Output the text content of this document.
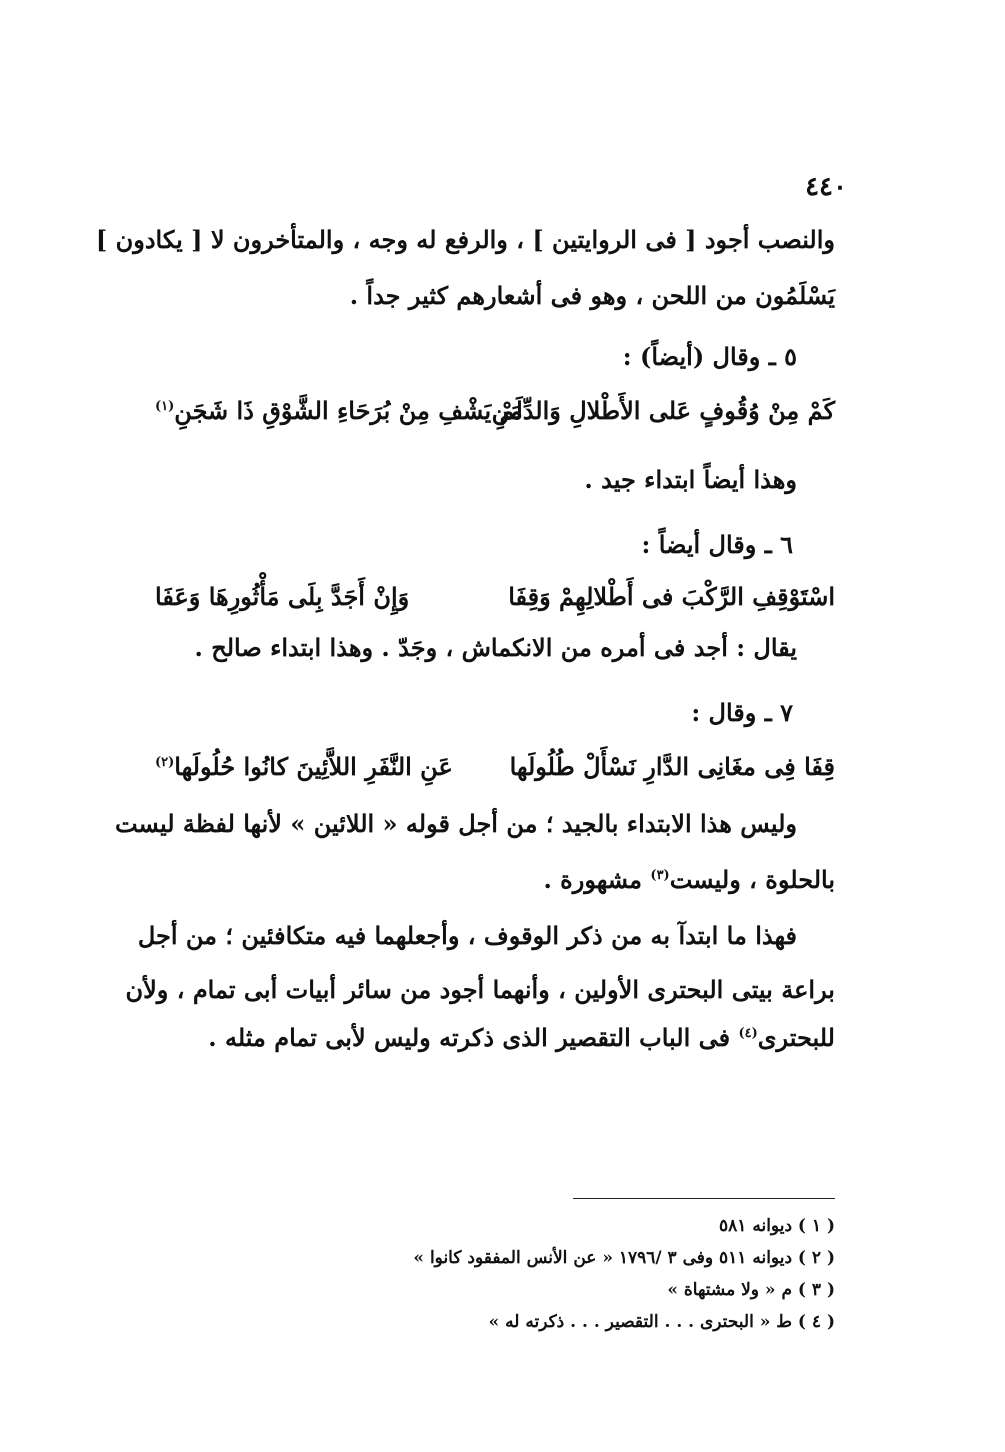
٤٤٠
والنصب أجود [ فى الروايتين ] ، والرفع له وجه ، والمتأخرون لا [ يكادون ]
يَسْلَمُون من اللحن ، وهو فى أشعارهم كثير جداً .
٥ ـ وقال (أيضاً) :
كَمْ مِنْ وُقُوفٍ عَلى الأَطْلالِ وَالدِّمَنِ
لَمْ يَشْفِ مِنْ بُرَحَاءِ الشَّوْقِ ذَا شَجَنِ$^{(١)}$
وهذا أيضاً ابتداء جيد .
٦ ـ وقال أيضاً :
اسْتَوْقِفِ الرَّكْبَ فى أَطْلالِهِمْ وَقِفَا
وَإِنْ أَجَدَّ بِلَى مَأْثُورِهَا وَعَفَا
يقال : أجد فى أمره من الانكماش ، وجَدّ . وهذا ابتداء صالح .
٧ ـ وقال :
قِفَا فِى مغَانِى الدَّارِ نَسْأَلْ طُلُولَها
عَنِ النَّفَرِ اللاَّئِينَ كانُوا حُلُولَها$^{(٢)}$
وليس هذا الابتداء بالجيد ؛ من أجل قوله « اللائين » لأنها لفظة ليست
بالحلوة ، وليست$^{(٣)}$ مشهورة .
فهذا ما ابتدآ به من ذكر الوقوف ، وأجعلهما فيه متكافئين ؛ من أجل
براعة بيتى البحترى الأولين ، وأنهما أجود من سائر أبيات أبى تمام ، ولأن
للبحترى$^{(٤)}$ فى الباب التقصير الذى ذكرته وليس لأبى تمام مثله .
( ١ ) ديوانه ٥٨١
( ٢ ) ديوانه ٥١١ وفى ٣ /١٧٩٦ « عن الأنس المفقود كانوا »
( ٣ ) م « ولا مشتهاة »
( ٤ ) ط « البحترى . . . التقصير . . . ذكرته له »
